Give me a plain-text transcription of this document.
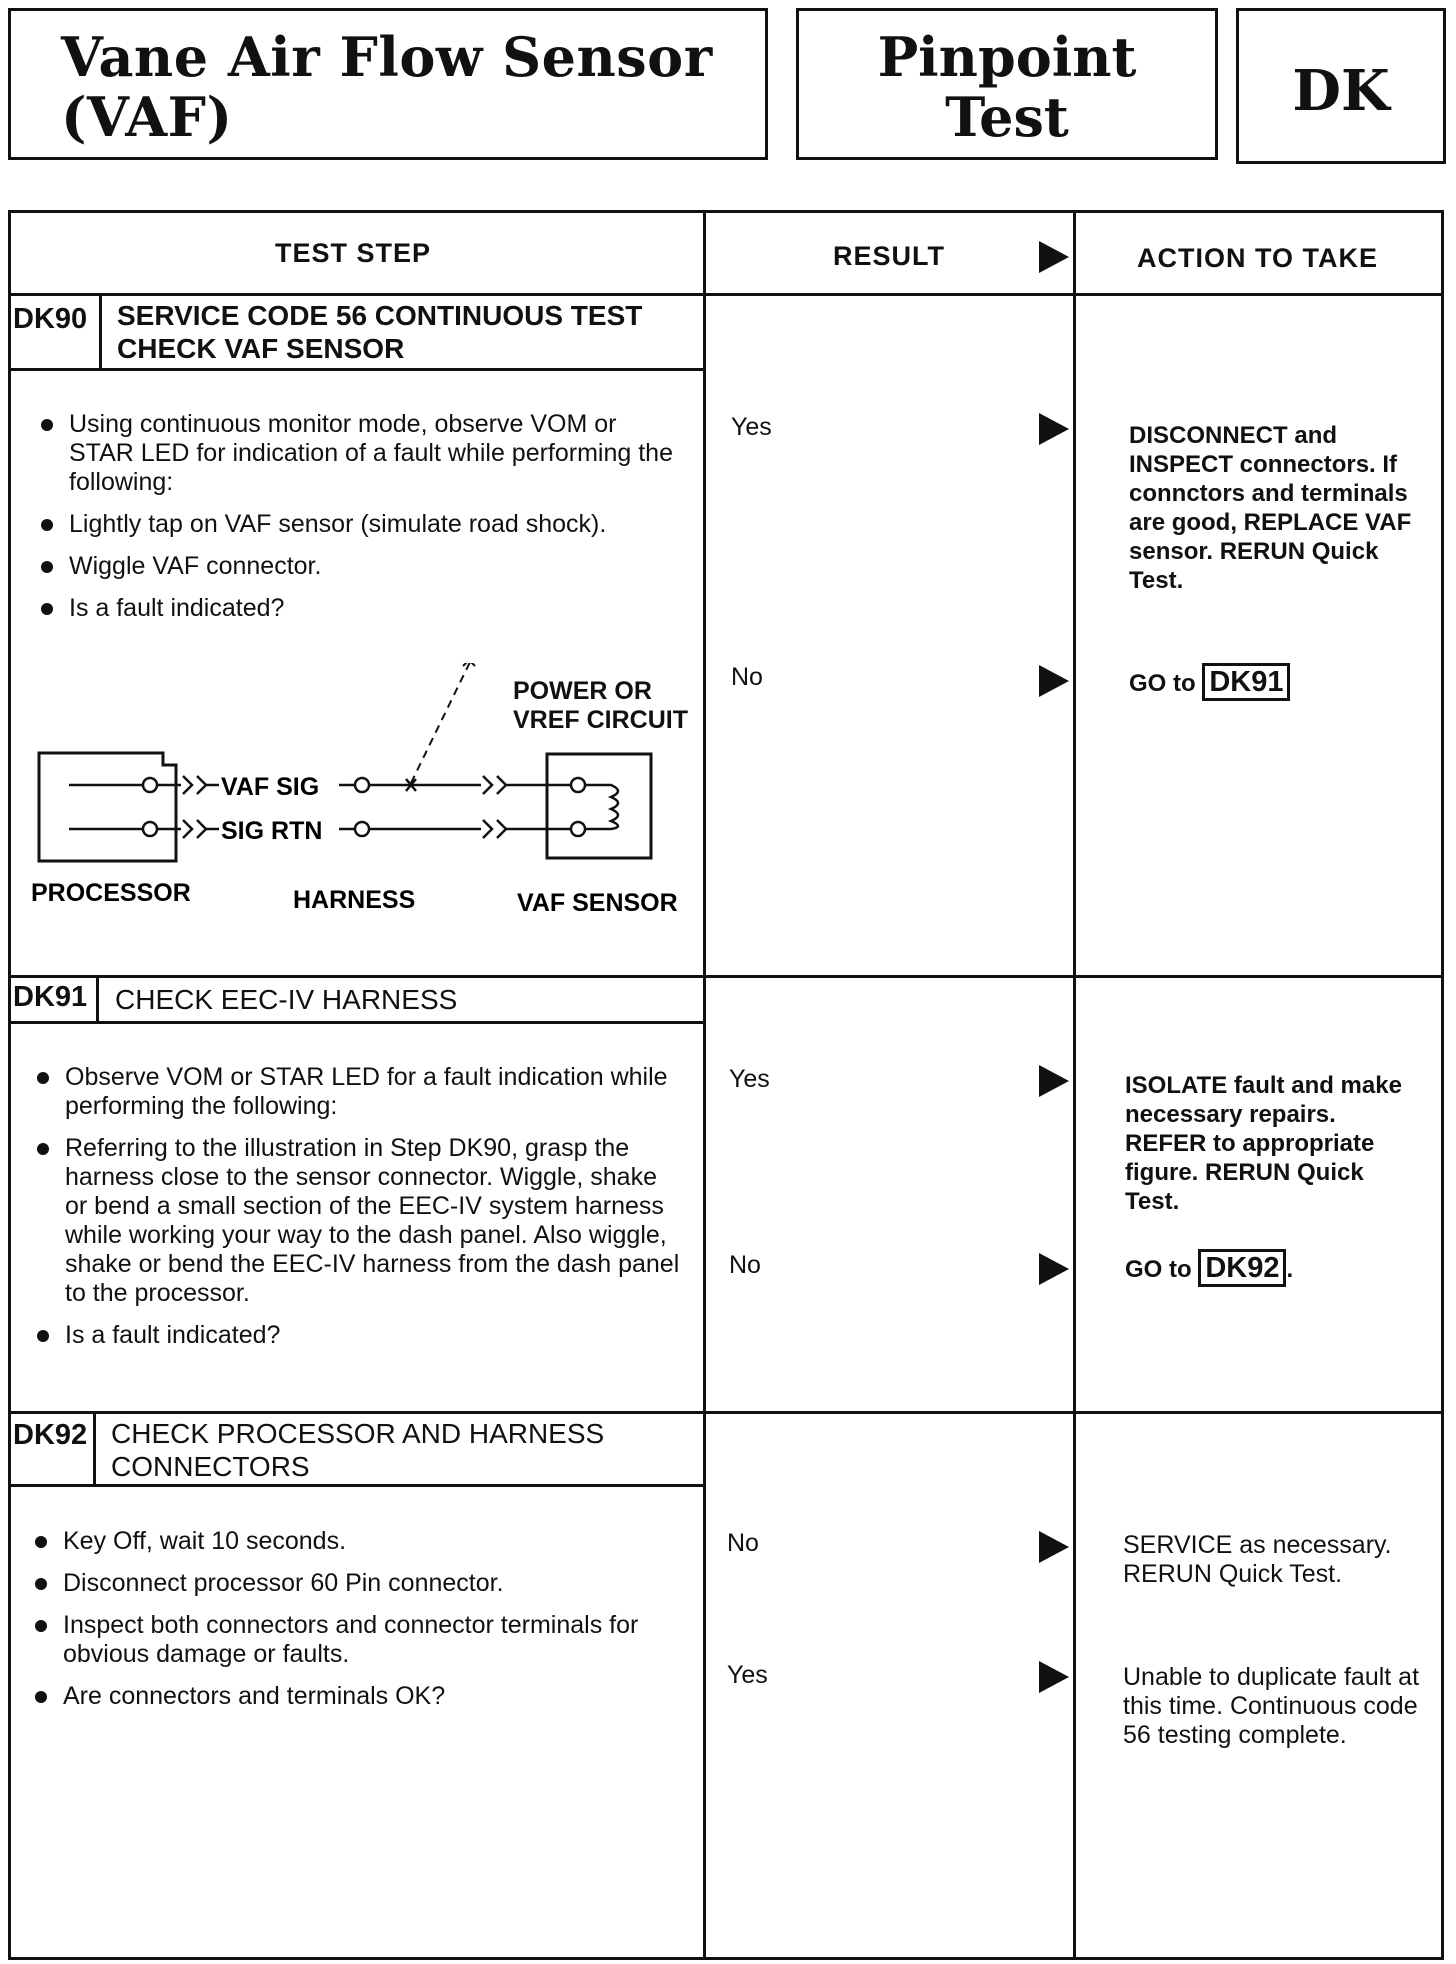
Vane Air Flow Sensor
(VAF)
Pinpoint
Test	DK
TEST STEP	RESULT	ACTION TO TAKE
DK90 SERVICE CODE 56 CONTINUOUS TEST
CHECK VAF SENSOR
Using continuous monitor mode, observe VOM or STAR LED for indication of a fault while performing the following:
Lightly tap on VAF sensor (simulate road shock).
Wiggle VAF connector.
Is a fault indicated?
VAF SIG
SIG RTN
PROCESSOR	HARNESS	VAF SENSOR
POWER OR
VREF CIRCUIT
Yes	DISCONNECT and INSPECT connectors. If connctors and terminals are good, REPLACE VAF sensor. RERUN Quick Test.
No	GO to DK91
DK91 CHECK EEC-IV HARNESS
Observe VOM or STAR LED for a fault indication while performing the following:
Referring to the illustration in Step DK90, grasp the harness close to the sensor connector. Wiggle, shake or bend a small section of the EEC-IV system harness while working your way to the dash panel. Also wiggle, shake or bend the EEC-IV harness from the dash panel to the processor.
Is a fault indicated?
Yes	ISOLATE fault and make necessary repairs. REFER to appropriate figure. RERUN Quick Test.
No	GO to DK92 .
DK92 CHECK PROCESSOR AND HARNESS
CONNECTORS
Key Off, wait 10 seconds.
Disconnect processor 60 Pin connector.
Inspect both connectors and connector terminals for obvious damage or faults.
Are connectors and terminals OK?
No	SERVICE as necessary. RERUN Quick Test.
Yes	Unable to duplicate fault at this time. Continuous code 56 testing complete.
